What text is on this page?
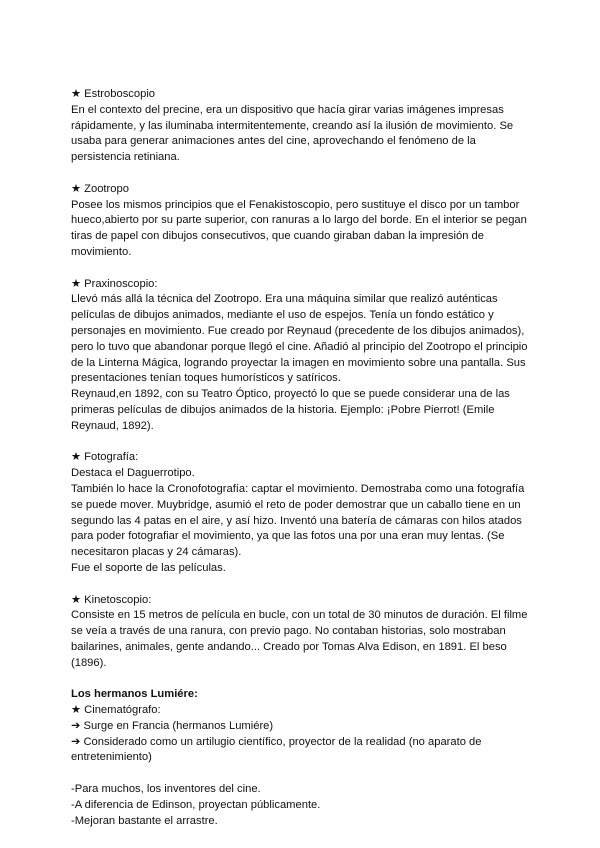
★ Estroboscopio
En el contexto del precine, era un dispositivo que hacía girar varias imágenes impresas
rápidamente, y las iluminaba intermitentemente, creando así la ilusión de movimiento. Se
usaba para generar animaciones antes del cine, aprovechando el fenómeno de la
persistencia retiniana.
★ Zootropo
Posee los mismos principios que el Fenakistoscopio, pero sustituye el disco por un tambor
hueco,abierto por su parte superior, con ranuras a lo largo del borde. En el interior se pegan
tiras de papel con dibujos consecutivos, que cuando giraban daban la impresión de
movimiento.
★ Praxinoscopio:
Llevó más allá la técnica del Zootropo. Era una máquina similar que realizó auténticas
películas de dibujos animados, mediante el uso de espejos. Tenía un fondo estático y
personajes en movimiento. Fue creado por Reynaud (precedente de los dibujos animados),
pero lo tuvo que abandonar porque llegó el cine. Añadió al principio del Zootropo el principio
de la Linterna Mágica, logrando proyectar la imagen en movimiento sobre una pantalla. Sus
presentaciones tenían toques humorísticos y satíricos.
Reynaud,en 1892, con su Teatro Óptico, proyectó lo que se puede considerar una de las
primeras películas de dibujos animados de la historia. Ejemplo: ¡Pobre Pierrot! (Emile
Reynaud, 1892).
★ Fotografía:
Destaca el Daguerrotipo.
También lo hace la Cronofotografía: captar el movimiento. Demostraba como una fotografía
se puede mover. Muybridge, asumió el reto de poder demostrar que un caballo tiene en un
segundo las 4 patas en el aire, y así hizo. Inventó una batería de cámaras con hilos atados
para poder fotografiar el movimiento, ya que las fotos una por una eran muy lentas. (Se
necesitaron placas y 24 cámaras).
Fue el soporte de las películas.
★ Kinetoscopio:
Consiste en 15 metros de película en bucle, con un total de 30 minutos de duración. El filme
se veía a través de una ranura, con previo pago. No contaban historias, solo mostraban
bailarines, animales, gente andando... Creado por Tomas Alva Edison, en 1891. El beso
(1896).
Los hermanos Lumiére:
★ Cinematógrafo:
➔ Surge en Francia (hermanos Lumiére)
➔ Considerado como un artilugio científico, proyector de la realidad (no aparato de
entretenimiento)
-Para muchos, los inventores del cine.
-A diferencia de Edinson, proyectan públicamente.
-Mejoran bastante el arrastre.
